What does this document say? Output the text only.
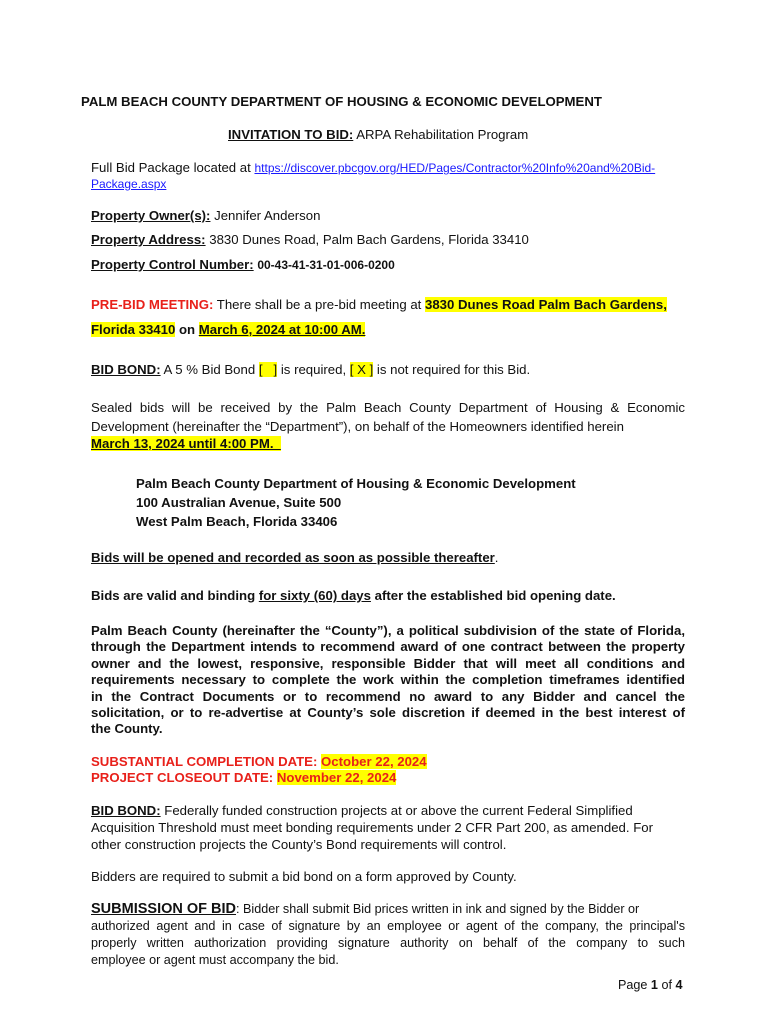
PALM BEACH COUNTY DEPARTMENT OF HOUSING & ECONOMIC DEVELOPMENT
INVITATION TO BID: ARPA Rehabilitation Program
Full Bid Package located at https://discover.pbcgov.org/HED/Pages/Contractor%20Info%20and%20Bid-
Package.aspx
Property Owner(s): Jennifer Anderson
Property Address: 3830 Dunes Road, Palm Bach Gardens, Florida 33410
Property Control Number: 00-43-41-31-01-006-0200
PRE-BID MEETING: There shall be a pre-bid meeting at 3830 Dunes Road Palm Bach Gardens,
Florida 33410 on March 6, 2024 at 10:00 AM.
BID BOND: A 5 % Bid Bond [   ] is required, [ X ] is not required for this Bid.
Sealed bids will be received by the Palm Beach County Department of Housing & Economic
Development (hereinafter the “Department”), on behalf of the Homeowners identified herein
March 13, 2024 until 4:00 PM.
Palm Beach County Department of Housing & Economic Development
100 Australian Avenue, Suite 500
West Palm Beach, Florida 33406
Bids will be opened and recorded as soon as possible thereafter.
Bids are valid and binding for sixty (60) days after the established bid opening date.
Palm Beach County (hereinafter the “County”), a political subdivision of the state of Florida,
through the Department intends to recommend award of one contract between the property
owner and the lowest, responsive, responsible Bidder that will meet all conditions and
requirements necessary to complete the work within the completion timeframes identified
in the Contract Documents or to recommend no award to any Bidder and cancel the
solicitation, or to re-advertise at County’s sole discretion if deemed in the best interest of
the County.
SUBSTANTIAL COMPLETION DATE: October 22, 2024
PROJECT CLOSEOUT DATE: November 22, 2024
BID BOND: Federally funded construction projects at or above the current Federal Simplified
Acquisition Threshold must meet bonding requirements under 2 CFR Part 200, as amended. For
other construction projects the County’s Bond requirements will control.
Bidders are required to submit a bid bond on a form approved by County.
SUBMISSION OF BID: Bidder shall submit Bid prices written in ink and signed by the Bidder or
authorized agent and in case of signature by an employee or agent of the company, the principal's
properly written authorization providing signature authority on behalf of the company to such
employee or agent must accompany the bid.
Page 1 of 4
